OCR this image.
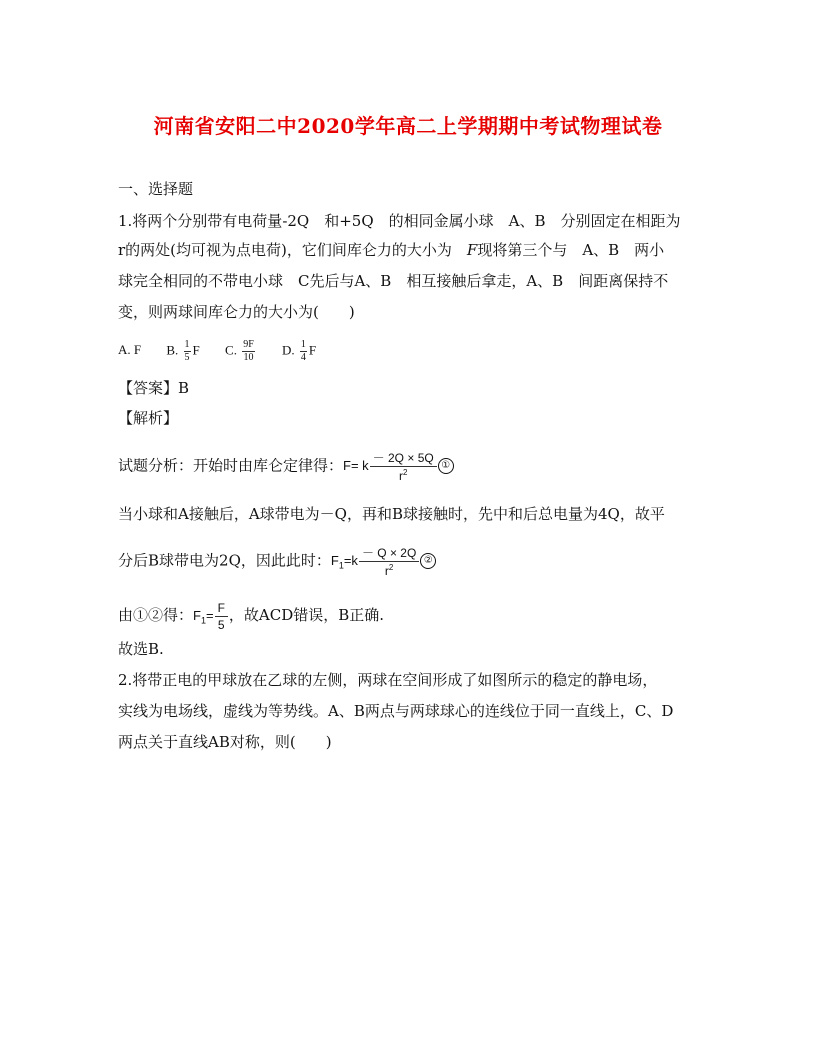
河南省安阳二中2020学年高二上学期期中考试物理试卷
一、选择题
1.将两个分别带有电荷量-2Q　和+5Q　的相同金属小球　A、B　分别固定在相距为
r的两处(均可视为点电荷)，它们间库仑力的大小为　F现将第三个与　A、B　两小
球完全相同的不带电小球　C先后与A、B　相互接触后拿走，A、B　间距离保持不
变，则两球间库仑力的大小为(　　)
A. F B. $\frac{1}{5}$ F C. $\frac{9F}{10} D$. $\frac{1}{4}$ F
【答案】B
【解析】
试题分析：开始时由库仑定律得：F= k $\frac{- 2Q \times 5Q}{r^2}$ ①
当小球和A接触后，A球带电为－Q，再和B球接触时，先中和后总电量为4Q，故平
分后B球带电为2Q，因此此时：$F_1=k \frac{- Q \times 2Q}{r^2}$ ②
由①②得：$F_1= \frac{F}{5}$ ，故ACD错误，B正确.
故选B.
2.将带正电的甲球放在乙球的左侧，两球在空间形成了如图所示的稳定的静电场，
实线为电场线，虚线为等势线。A、B两点与两球球心的连线位于同一直线上，C、D
两点关于直线AB对称，则(　　)
